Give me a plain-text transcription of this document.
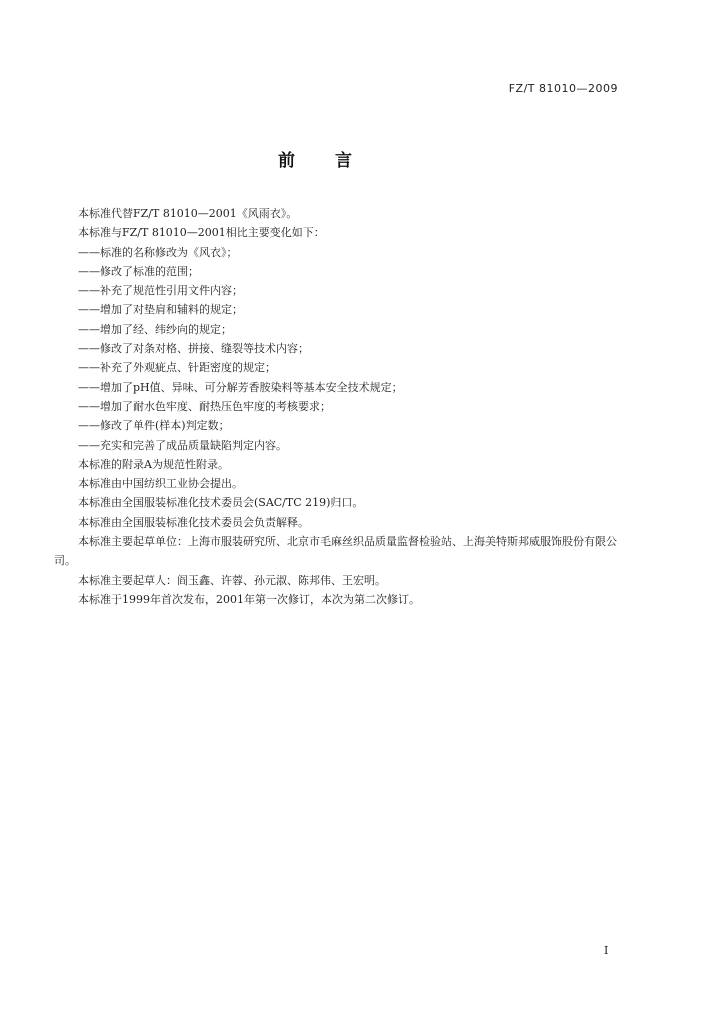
FZ/T 81010—2009
前言

本标准代替FZ/T 81010—2001《风雨衣》。

本标准与FZ/T 81010—2001相比主要变化如下：

——标准的名称修改为《风衣》；

——修改了标准的范围；

——补充了规范性引用文件内容；

——增加了对垫肩和辅料的规定；

——增加了经、纬纱向的规定；

——修改了对条对格、拼接、缝裂等技术内容；

——补充了外观疵点、针距密度的规定；

——增加了pH值、异味、可分解芳香胺染料等基本安全技术规定；

——增加了耐水色牢度、耐热压色牢度的考核要求；

——修改了单件(样本)判定数；

——充实和完善了成品质量缺陷判定内容。

本标准的附录A为规范性附录。

本标准由中国纺织工业协会提出。

本标准由全国服装标准化技术委员会(SAC/TC 219)归口。

本标准由全国服装标准化技术委员会负责解释。

本标准主要起草单位：上海市服装研究所、北京市毛麻丝织品质量监督检验站、上海美特斯邦威服饰股份有限公司。

本标准主要起草人：阎玉鑫、许蓉、孙元淑、陈邦伟、王宏明。

本标准于1999年首次发布，2001年第一次修订，本次为第二次修订。

I
